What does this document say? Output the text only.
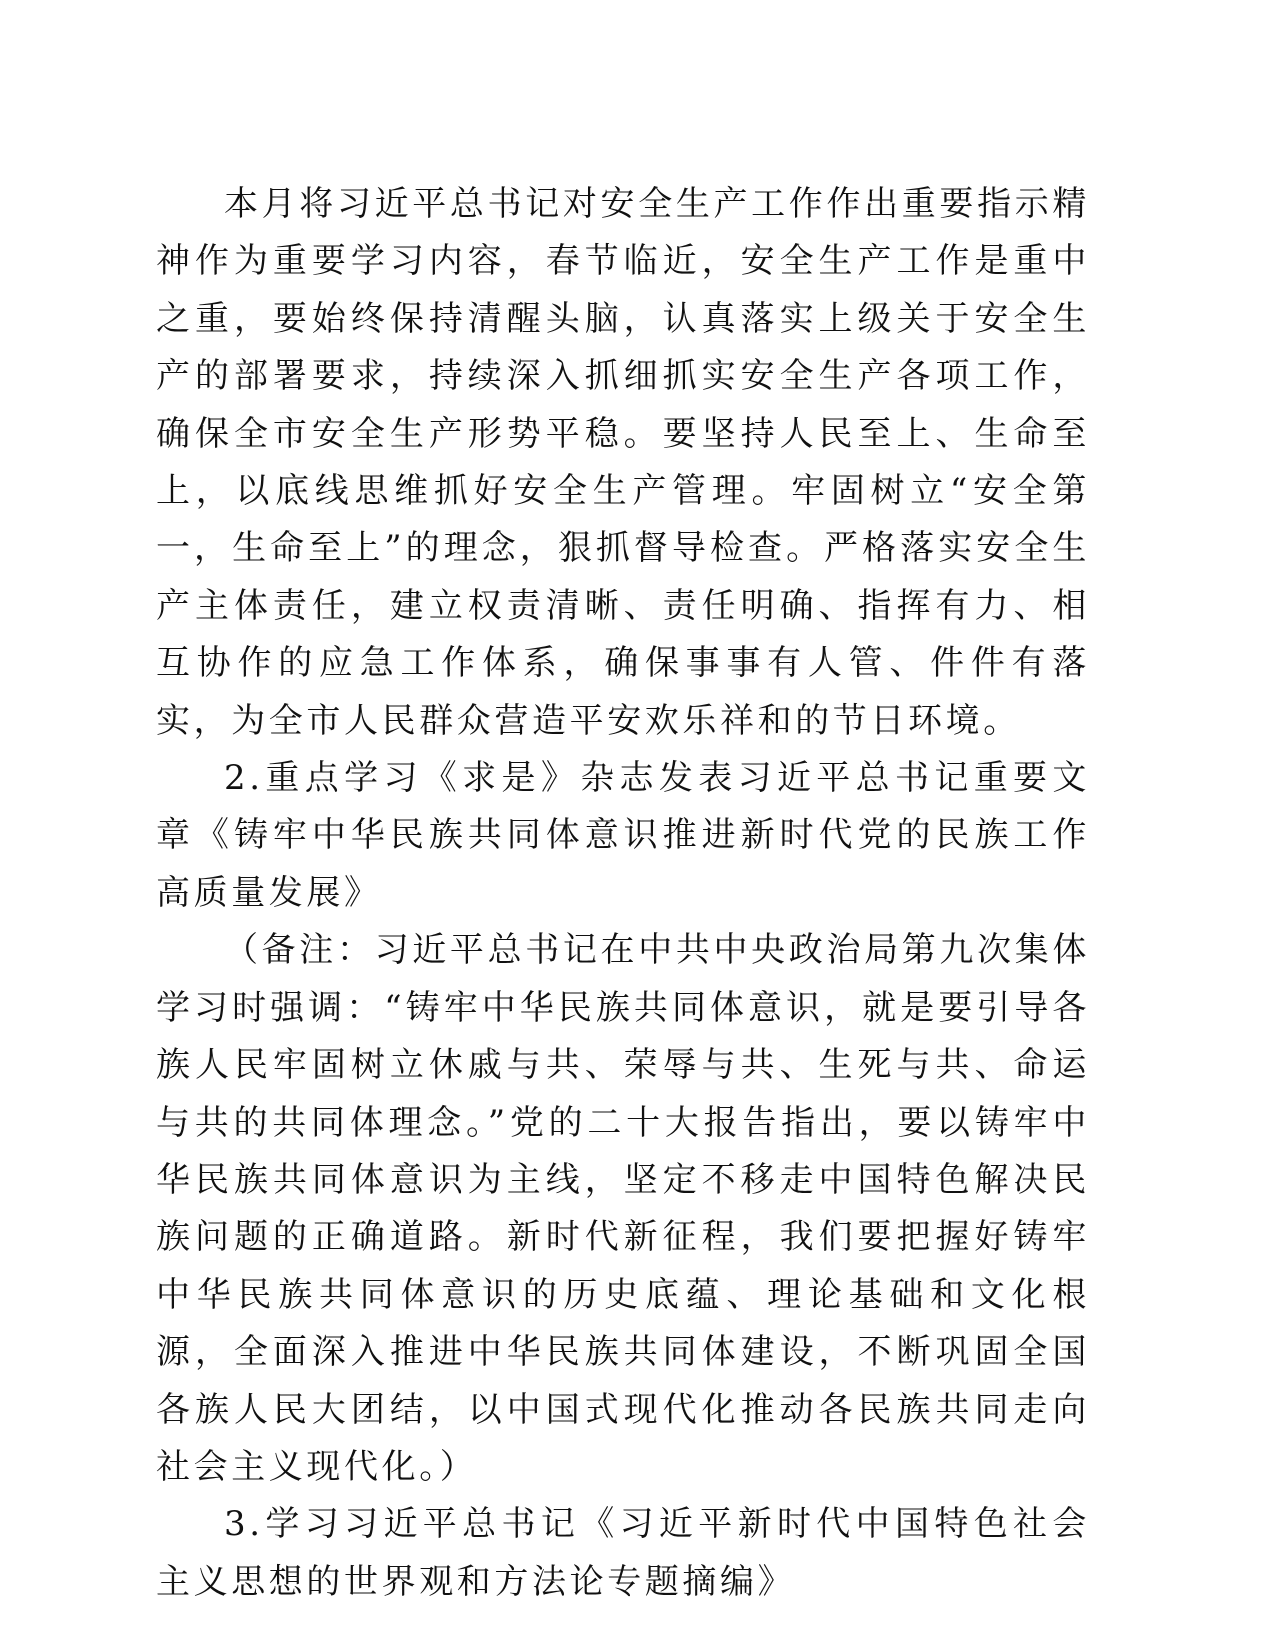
本月将习近平总书记对安全生产工作作出重要指示精神作为重要学习内容，春节临近，安全生产工作是重中之重，要始终保持清醒头脑，认真落实上级关于安全生产的部署要求，持续深入抓细抓实安全生产各项工作，确保全市安全生产形势平稳。要坚持人民至上、生命至上，以底线思维抓好安全生产管理。牢固树立“安全第一，生命至上”的理念，狠抓督导检查。严格落实安全生产主体责任，建立权责清晰、责任明确、指挥有力、相互协作的应急工作体系，确保事事有人管、件件有落实，为全市人民群众营造平安欢乐祥和的节日环境。

2.重点学习《求是》杂志发表习近平总书记重要文章《铸牢中华民族共同体意识推进新时代党的民族工作高质量发展》

（备注：习近平总书记在中共中央政治局第九次集体学习时强调：“铸牢中华民族共同体意识，就是要引导各族人民牢固树立休戚与共、荣辱与共、生死与共、命运与共的共同体理念。”党的二十大报告指出，要以铸牢中华民族共同体意识为主线，坚定不移走中国特色解决民族问题的正确道路。新时代新征程，我们要把握好铸牢中华民族共同体意识的历史底蕴、理论基础和文化根源，全面深入推进中华民族共同体建设，不断巩固全国各族人民大团结，以中国式现代化推动各民族共同走向社会主义现代化。）

3.学习习近平总书记《习近平新时代中国特色社会主义思想的世界观和方法论专题摘编》
